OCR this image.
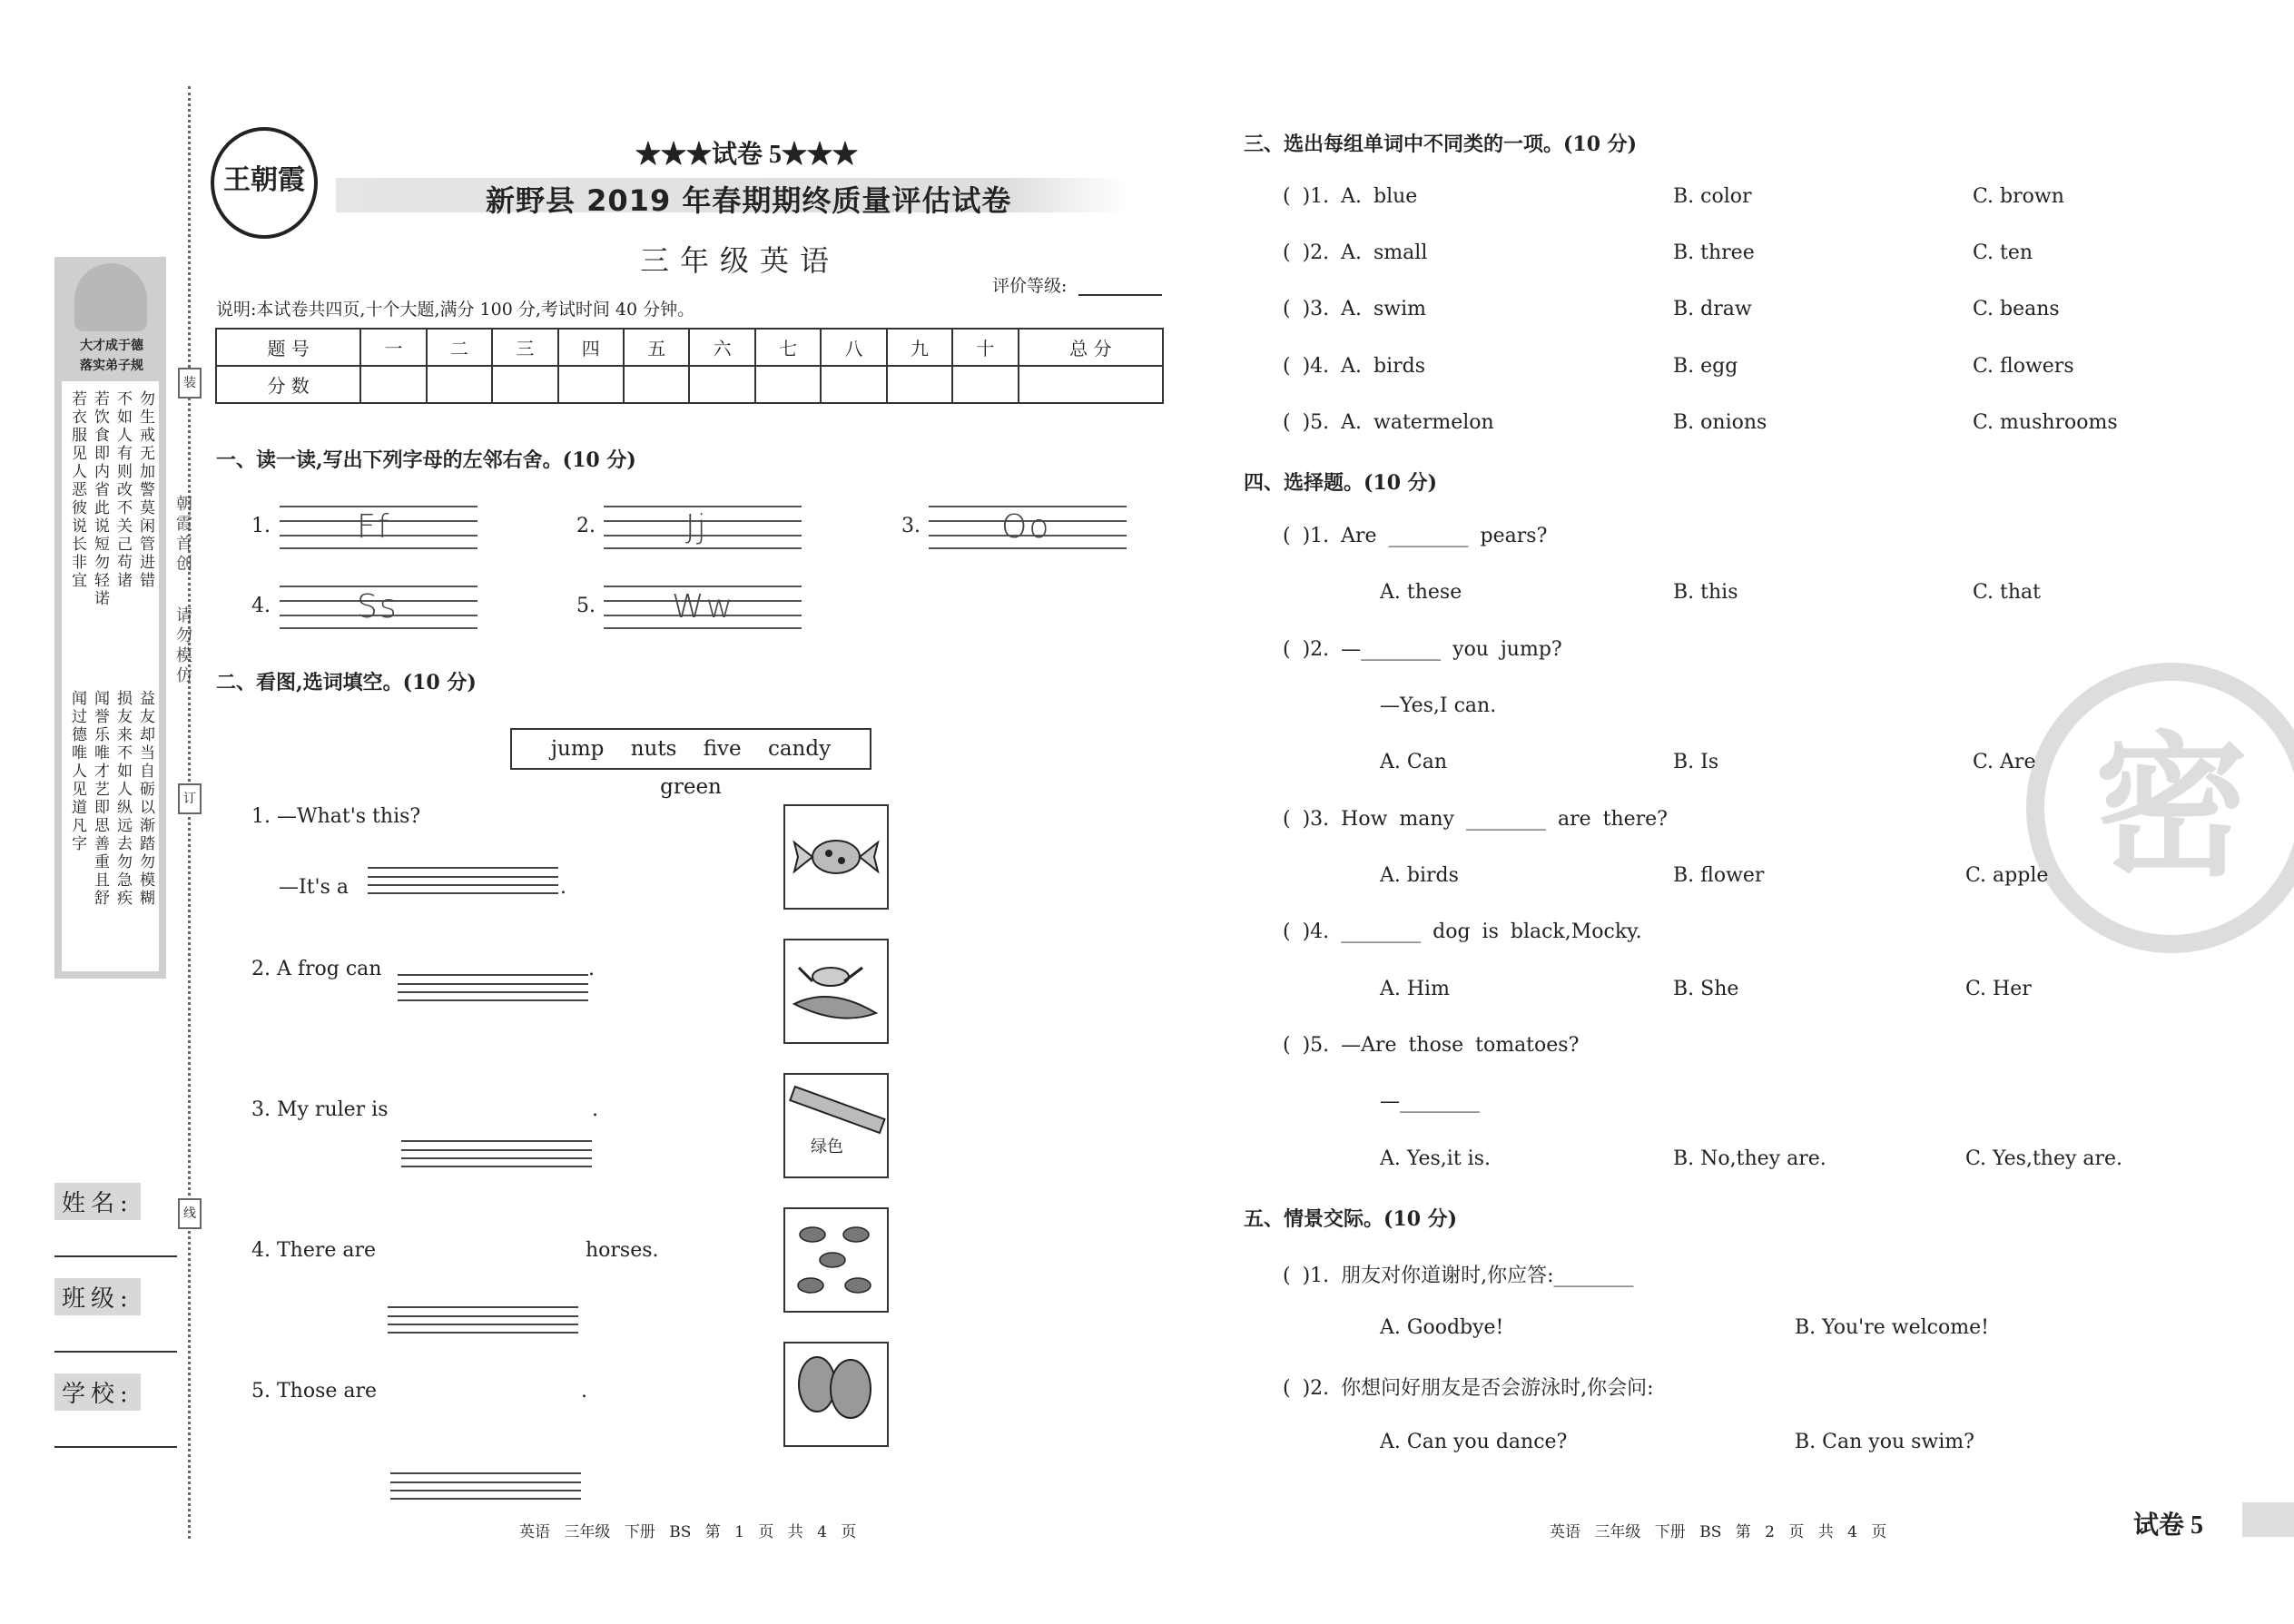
装
订
线
朝霞首创
请勿模仿
大才成于德
落实弟子规
若衣服见人恶彼说长非宜 若饮食即内省此说短勿轻诺 不如人有则改不关己苟诸 勿生戒无加警莫闲管进错
闻过德唯人见道凡字 闻誉乐唯才艺即思善重且舒 损友来不如人纵远去勿急疾 益友却当自砺以渐踏勿模糊
姓名:
班级:
学校:
王朝霞
★★★试卷 5★★★
新野县 2019 年春期期终质量评估试卷
三年级英语
评价等级:
说明:本试卷共四页,十个大题,满分 100 分,考试时间 40 分钟。
题 号	一	二	三	四	五	六	七	八	九	十	总 分
分 数											
一、读一读,写出下列字母的左邻右舍。(10 分)
1.	Ff	2.	Jj	3.	Oo
4.	Ss	5.	Ww
二、看图,选词填空。(10 分)
jump nuts five candy green
1. —What's this?
—It's a	.
2. A frog can	.
3. My ruler is	.
绿色
4. There are	horses.
5. Those are	.
三、选出每组单词中不同类的一项。(10 分)
( )1. A. blue	B. color	C. brown
( )2. A. small	B. three	C. ten
( )3. A. swim	B. draw	C. beans
( )4. A. birds	B. egg	C. flowers
( )5. A. watermelon	B. onions	C. mushrooms
密
四、选择题。(10 分)
( )1. Are ________ pears?
A. these	B. this	C. that
( )2. —________ you jump?
—Yes,I can.
A. Can	B. Is	C. Are
( )3. How many ________ are there?
A. birds	B. flower	C. apple
( )4. ________ dog is black,Mocky.
A. Him	B. She	C. Her
( )5. —Are those tomatoes?
—________
A. Yes,it is.	B. No,they are.	C. Yes,they are.
五、情景交际。(10 分)
( )1. 朋友对你道谢时,你应答:________
A. Goodbye!	B. You're welcome!
( )2. 你想问好朋友是否会游泳时,你会问:
A. Can you dance?	B. Can you swim?
英语 三年级 下册 BS 第 1 页 共 4 页	英语 三年级 下册 BS 第 2 页 共 4 页	试卷 5
